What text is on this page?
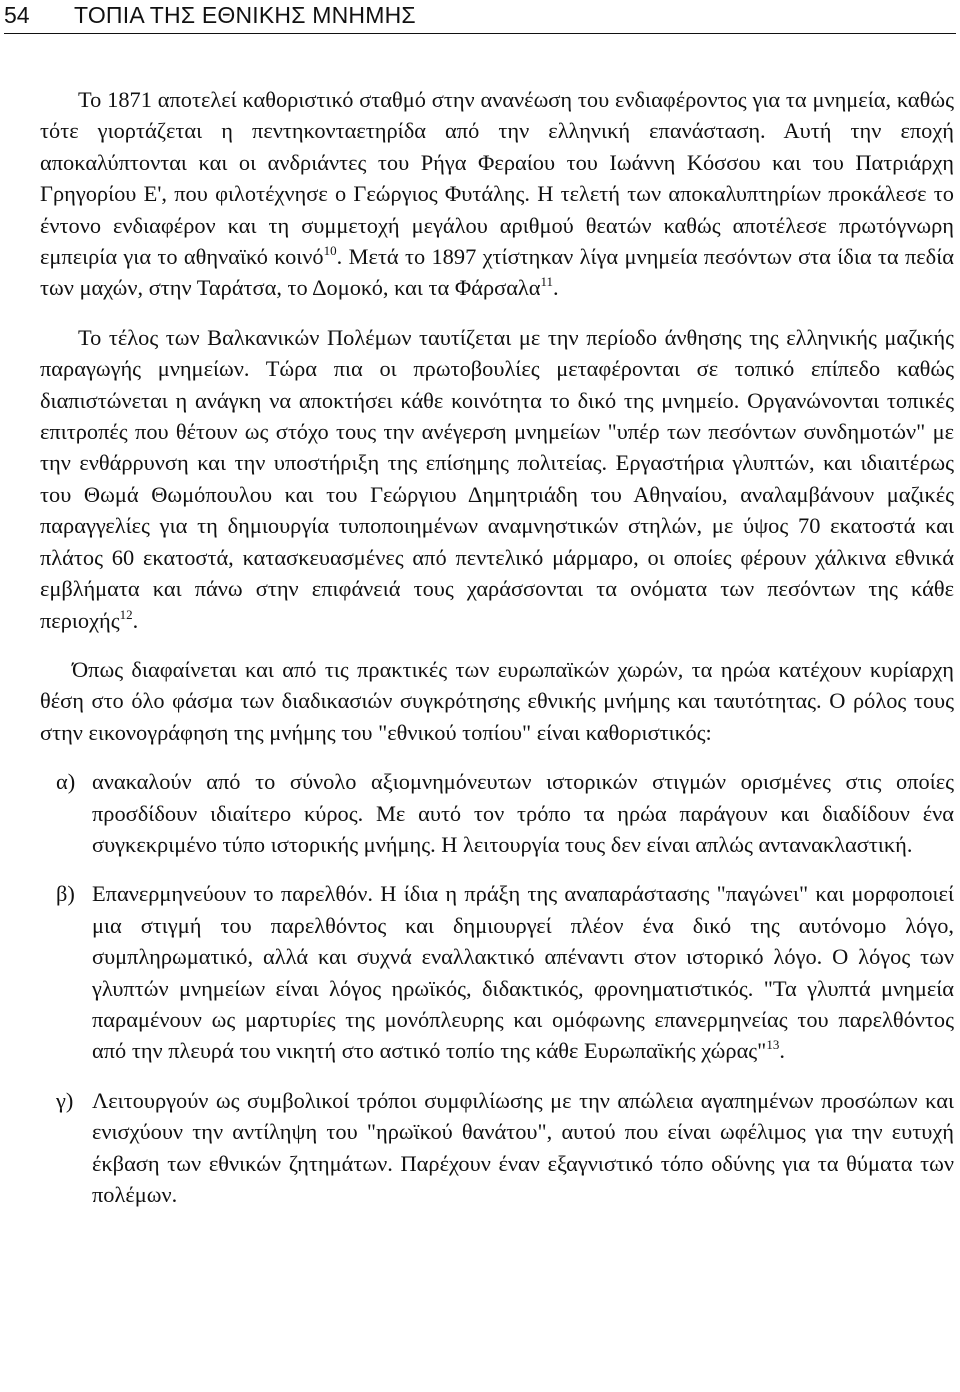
54 ΤΟΠΙΑ ΤΗΣ ΕΘΝΙΚΗΣ ΜΝΗΜΗΣ

Το 1871 αποτελεί καθοριστικό σταθμό στην ανανέωση του ενδιαφέροντος για τα μνημεία, καθώς τότε γιορτάζεται η πεντηκονταετηρίδα από την ελληνική επανάσταση. Αυτή την εποχή αποκαλύπτονται και οι ανδριάντες του Ρήγα Φεραίου του Ιωάννη Κόσσου και του Πατριάρχη Γρηγορίου Ε', που φιλοτέχνησε ο Γεώργιος Φυτάλης. Η τελετή των αποκαλυπτηρίων προκάλεσε το έντονο ενδιαφέρον και τη συμμετοχή μεγάλου αριθμού θεατών καθώς αποτέλεσε πρωτόγνωρη εμπειρία για το αθηναϊκό κοινό$^{10}$. Μετά το 1897 χτίστηκαν λίγα μνημεία πεσόντων στα ίδια τα πεδία των μαχών, στην Ταράτσα, το Δομοκό, και τα Φάρσαλα$^{11}$.

Το τέλος των Βαλκανικών Πολέμων ταυτίζεται με την περίοδο άνθησης της ελληνικής μαζικής παραγωγής μνημείων. Τώρα πια οι πρωτοβουλίες μεταφέρονται σε τοπικό επίπεδο καθώς διαπιστώνεται η ανάγκη να αποκτήσει κάθε κοινότητα το δικό της μνημείο. Οργανώνονται τοπικές επιτροπές που θέτουν ως στόχο τους την ανέγερση μνημείων "υπέρ των πεσόντων συνδημοτών" με την ενθάρρυνση και την υποστήριξη της επίσημης πολιτείας. Εργαστήρια γλυπτών, και ιδιαιτέρως του Θωμά Θωμόπουλου και του Γεώργιου Δημητριάδη του Αθηναίου, αναλαμβάνουν μαζικές παραγγελίες για τη δημιουργία τυποποιημένων αναμνηστικών στηλών, με ύψος 70 εκατοστά και πλάτος 60 εκατοστά, κατασκευασμένες από πεντελικό μάρμαρο, οι οποίες φέρουν χάλκινα εθνικά εμβλήματα και πάνω στην επιφάνειά τους χαράσσονται τα ονόματα των πεσόντων της κάθε περιοχής$^{12}$.

Όπως διαφαίνεται και από τις πρακτικές των ευρωπαϊκών χωρών, τα ηρώα κατέχουν κυρίαρχη θέση στο όλο φάσμα των διαδικασιών συγκρότησης εθνικής μνήμης και ταυτότητας. Ο ρόλος τους στην εικονογράφηση της μνήμης του "εθνικού τοπίου" είναι καθοριστικός:

α) ανακαλούν από το σύνολο αξιομνημόνευτων ιστορικών στιγμών ορισμένες στις οποίες προσδίδουν ιδιαίτερο κύρος. Με αυτό τον τρόπο τα ηρώα παράγουν και διαδίδουν ένα συγκεκριμένο τύπο ιστορικής μνήμης. Η λειτουργία τους δεν είναι απλώς αντανακλαστική.
β) Επανερμηνεύουν το παρελθόν. Η ίδια η πράξη της αναπαράστασης "παγώνει" και μορφοποιεί μια στιγμή του παρελθόντος και δημιουργεί πλέον ένα δικό της αυτόνομο λόγο, συμπληρωματικό, αλλά και συχνά εναλλακτικό απέναντι στον ιστορικό λόγο. Ο λόγος των γλυπτών μνημείων είναι λόγος ηρωϊκός, διδακτικός, φρονηματιστικός. "Τα γλυπτά μνημεία παραμένουν ως μαρτυρίες της μονόπλευρης και ομόφωνης επανερμηνείας του παρελθόντος από την πλευρά του νικητή στο αστικό τοπίο της κάθε Ευρωπαϊκής χώρας"$^{13}$.
γ) Λειτουργούν ως συμβολικοί τρόποι συμφιλίωσης με την απώλεια αγαπημένων προσώπων και ενισχύουν την αντίληψη του "ηρωϊκού θανάτου", αυτού που είναι ωφέλιμος για την ευτυχή έκβαση των εθνικών ζητημάτων. Παρέχουν έναν εξαγνιστικό τόπο οδύνης για τα θύματα των πολέμων.
